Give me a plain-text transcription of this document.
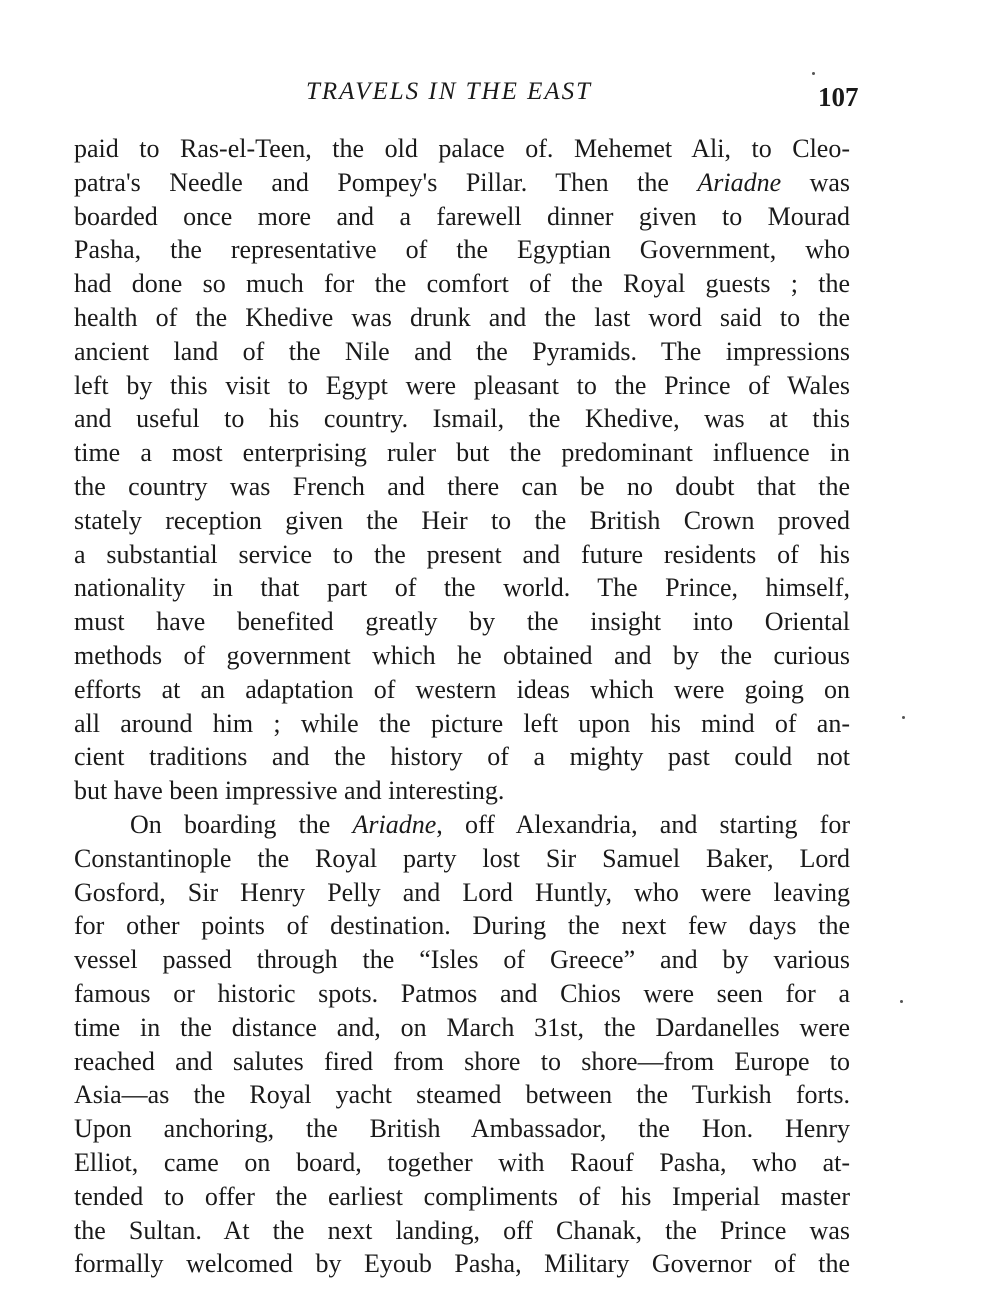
TRAVELS IN THE EAST	107
paid to Ras-el-Teen, the old palace of. Mehemet Ali, to Cleo-
patra's Needle and Pompey's Pillar. Then the Ariadne was
boarded once more and a farewell dinner given to Mourad
Pasha, the representative of the Egyptian Government, who
had done so much for the comfort of the Royal guests ; the
health of the Khedive was drunk and the last word said to the
ancient land of the Nile and the Pyramids. The impressions
left by this visit to Egypt were pleasant to the Prince of Wales
and useful to his country. Ismail, the Khedive, was at this
time a most enterprising ruler but the predominant influence in
the country was French and there can be no doubt that the
stately reception given the Heir to the British Crown proved
a substantial service to the present and future residents of his
nationality in that part of the world. The Prince, himself,
must have benefited greatly by the insight into Oriental
methods of government which he obtained and by the curious
efforts at an adaptation of western ideas which were going on
all around him ; while the picture left upon his mind of an-
cient traditions and the history of a mighty past could not
but have been impressive and interesting.
On boarding the Ariadne, off Alexandria, and starting for
Constantinople the Royal party lost Sir Samuel Baker, Lord
Gosford, Sir Henry Pelly and Lord Huntly, who were leaving
for other points of destination. During the next few days the
vessel passed through the “Isles of Greece” and by various
famous or historic spots. Patmos and Chios were seen for a
time in the distance and, on March 31st, the Dardanelles were
reached and salutes fired from shore to shore—from Europe to
Asia—as the Royal yacht steamed between the Turkish forts.
Upon anchoring, the British Ambassador, the Hon. Henry
Elliot, came on board, together with Raouf Pasha, who at-
tended to offer the earliest compliments of his Imperial master
the Sultan. At the next landing, off Chanak, the Prince was
formally welcomed by Eyoub Pasha, Military Governor of the
